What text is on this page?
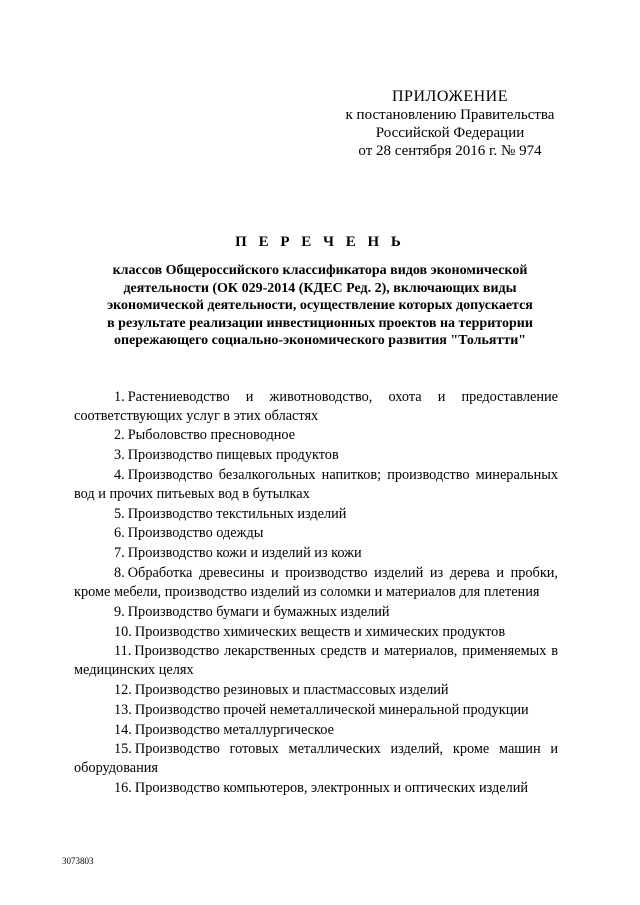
ПРИЛОЖЕНИЕ
к постановлению Правительства
Российской Федерации
от 28 сентября 2016 г. № 974
П Е Р Е Ч Е Н Ь
классов Общероссийского классификатора видов экономической
деятельности (ОК 029-2014 (КДЕС Ред. 2), включающих виды
экономической деятельности, осуществление которых допускается
в результате реализации инвестиционных проектов на территории
опережающего социально-экономического развития "Тольятти"

1. Растениеводство и животноводство, охота и предоставление соответствующих услуг в этих областях

2. Рыболовство пресноводное

3. Производство пищевых продуктов

4. Производство безалкогольных напитков; производство минеральных вод и прочих питьевых вод в бутылках

5. Производство текстильных изделий

6. Производство одежды

7. Производство кожи и изделий из кожи

8. Обработка древесины и производство изделий из дерева и пробки, кроме мебели, производство изделий из соломки и материалов для плетения

9. Производство бумаги и бумажных изделий

10. Производство химических веществ и химических продуктов

11. Производство лекарственных средств и материалов, применяемых в медицинских целях

12. Производство резиновых и пластмассовых изделий

13. Производство прочей неметаллической минеральной продукции

14. Производство металлургическое

15. Производство готовых металлических изделий, кроме машин и оборудования

16. Производство компьютеров, электронных и оптических изделий

3073803
